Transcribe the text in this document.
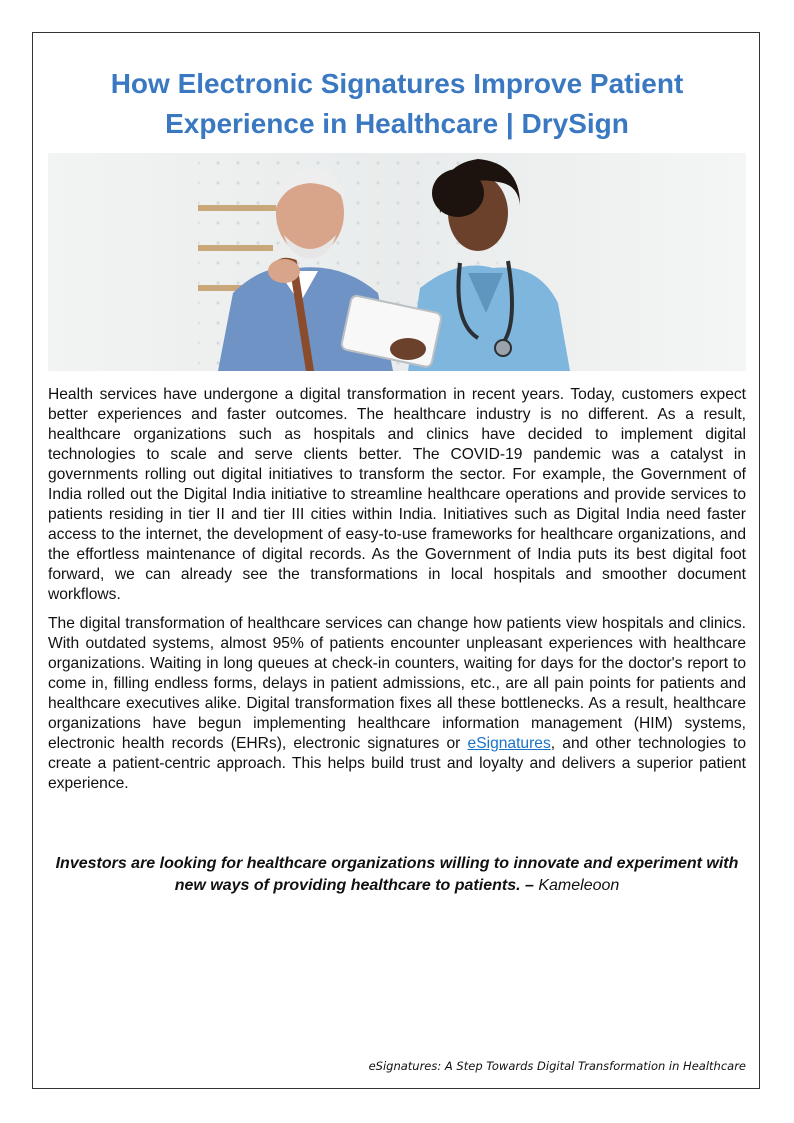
How Electronic Signatures Improve Patient Experience in Healthcare | DrySign

Health services have undergone a digital transformation in recent years. Today, customers expect better experiences and faster outcomes. The healthcare industry is no different. As a result, healthcare organizations such as hospitals and clinics have decided to implement digital technologies to scale and serve clients better. The COVID-19 pandemic was a catalyst in governments rolling out digital initiatives to transform the sector. For example, the Government of India rolled out the Digital India initiative to streamline healthcare operations and provide services to patients residing in tier II and tier III cities within India. Initiatives such as Digital India need faster access to the internet, the development of easy-to-use frameworks for healthcare organizations, and the effortless maintenance of digital records. As the Government of India puts its best digital foot forward, we can already see the transformations in local hospitals and smoother document workflows.

The digital transformation of healthcare services can change how patients view hospitals and clinics. With outdated systems, almost 95% of patients encounter unpleasant experiences with healthcare organizations. Waiting in long queues at check-in counters, waiting for days for the doctor's report to come in, filling endless forms, delays in patient admissions, etc., are all pain points for patients and healthcare executives alike. Digital transformation fixes all these bottlenecks. As a result, healthcare organizations have begun implementing healthcare information management (HIM) systems, electronic health records (EHRs), electronic signatures or eSignatures, and other technologies to create a patient-centric approach. This helps build trust and loyalty and delivers a superior patient experience.

Investors are looking for healthcare organizations willing to innovate and experiment with new ways of providing healthcare to patients. – Kameleoon
eSignatures: A Step Towards Digital Transformation in Healthcare
